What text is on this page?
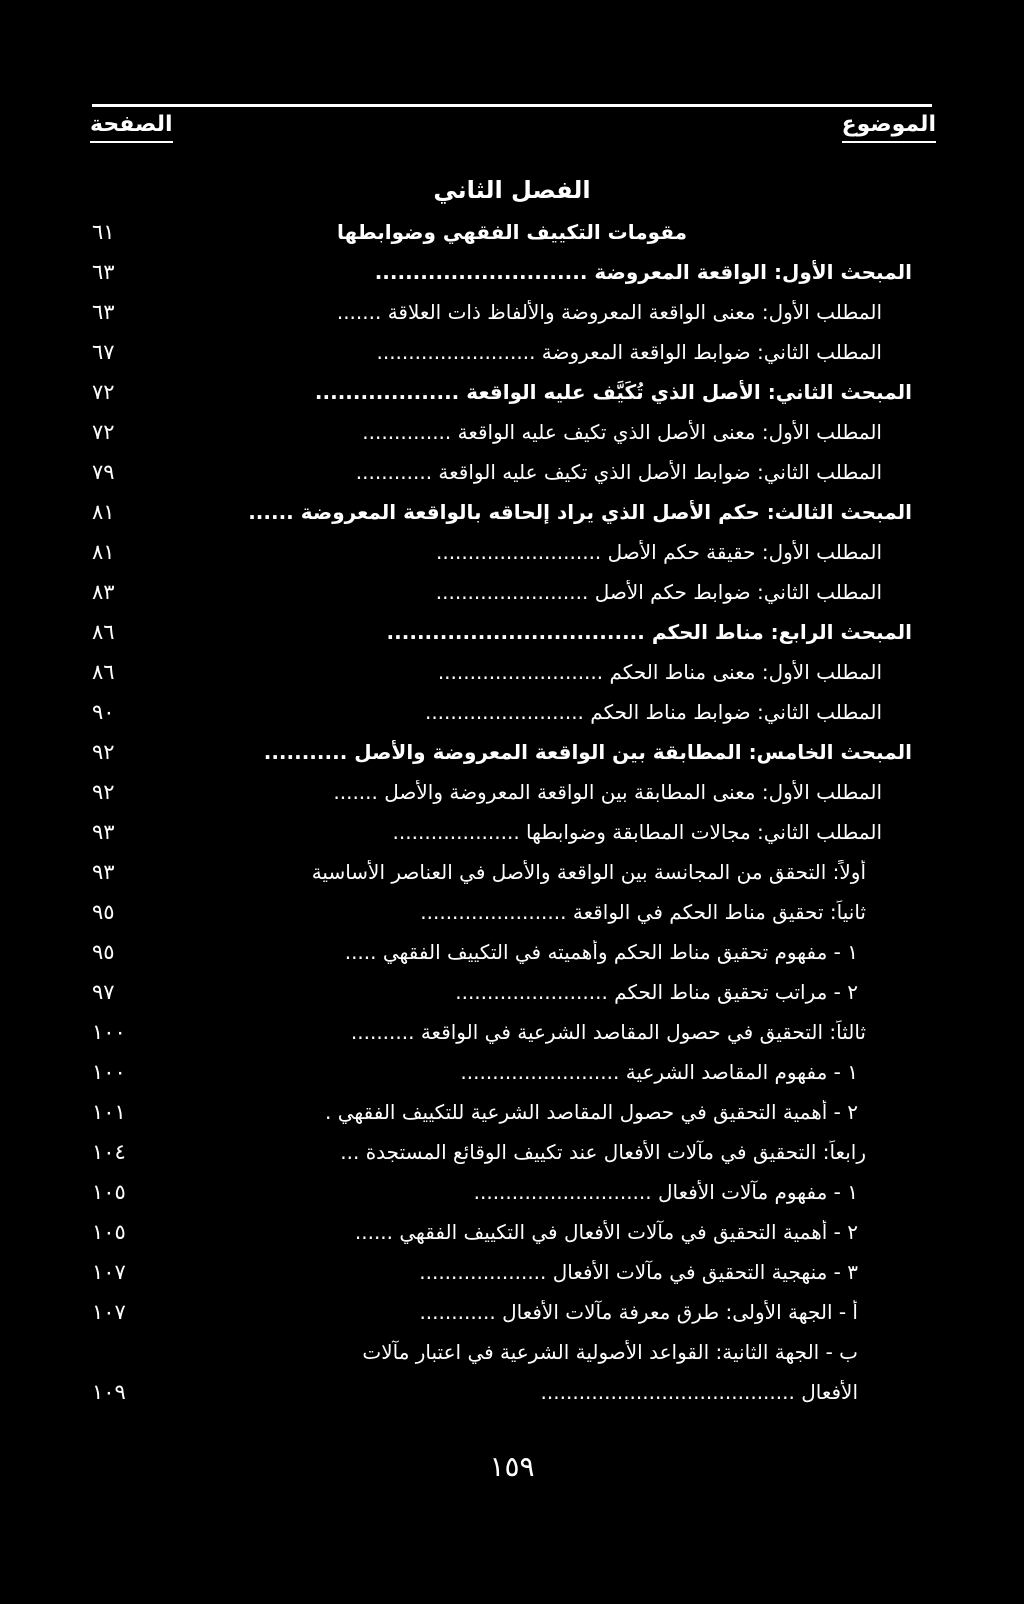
الموضوع
الصفحة
الفصل الثاني
مقومات التكييف الفقهي وضوابطها
٦١
المبحث الأول: الواقعة المعروضة ............................
٦٣
المطلب الأول: معنى الواقعة المعروضة والألفاظ ذات العلاقة .......
٦٣
المطلب الثاني: ضوابط الواقعة المعروضة .........................
٦٧
المبحث الثاني: الأصل الذي تُكَيَّف عليه الواقعة ...................
٧٢
المطلب الأول: معنى الأصل الذي تكيف عليه الواقعة ..............
٧٢
المطلب الثاني: ضوابط الأصل الذي تكيف عليه الواقعة ............
٧٩
المبحث الثالث: حكم الأصل الذي يراد إلحاقه بالواقعة المعروضة ......
٨١
المطلب الأول: حقيقة حكم الأصل ..........................
٨١
المطلب الثاني: ضوابط حكم الأصل ........................
٨٣
المبحث الرابع: مناط الحكم ..................................
٨٦
المطلب الأول: معنى مناط الحكم ..........................
٨٦
المطلب الثاني: ضوابط مناط الحكم .........................
٩٠
المبحث الخامس: المطابقة بين الواقعة المعروضة والأصل ...........
٩٢
المطلب الأول: معنى المطابقة بين الواقعة المعروضة والأصل .......
٩٢
المطلب الثاني: مجالات المطابقة وضوابطها ....................
٩٣
أولاً: التحقق من المجانسة بين الواقعة والأصل في العناصر الأساسية
٩٣
ثانياً: تحقيق مناط الحكم في الواقعة .......................
٩٥
١ - مفهوم تحقيق مناط الحكم وأهميته في التكييف الفقهي .....
٩٥
٢ - مراتب تحقيق مناط الحكم ........................
٩٧
ثالثاً: التحقيق في حصول المقاصد الشرعية في الواقعة ..........
١٠٠
١ - مفهوم المقاصد الشرعية .........................
١٠٠
٢ - أهمية التحقيق في حصول المقاصد الشرعية للتكييف الفقهي .
١٠١
رابعاً: التحقيق في مآلات الأفعال عند تكييف الوقائع المستجدة ...
١٠٤
١ - مفهوم مآلات الأفعال ............................
١٠٥
٢ - أهمية التحقيق في مآلات الأفعال في التكييف الفقهي ......
١٠٥
٣ - منهجية التحقيق في مآلات الأفعال ....................
١٠٧
أ - الجهة الأولى: طرق معرفة مآلات الأفعال ............
١٠٧
ب - الجهة الثانية: القواعد الأصولية الشرعية في اعتبار مآلات
الأفعال ........................................
١٠٩
١٥٩
